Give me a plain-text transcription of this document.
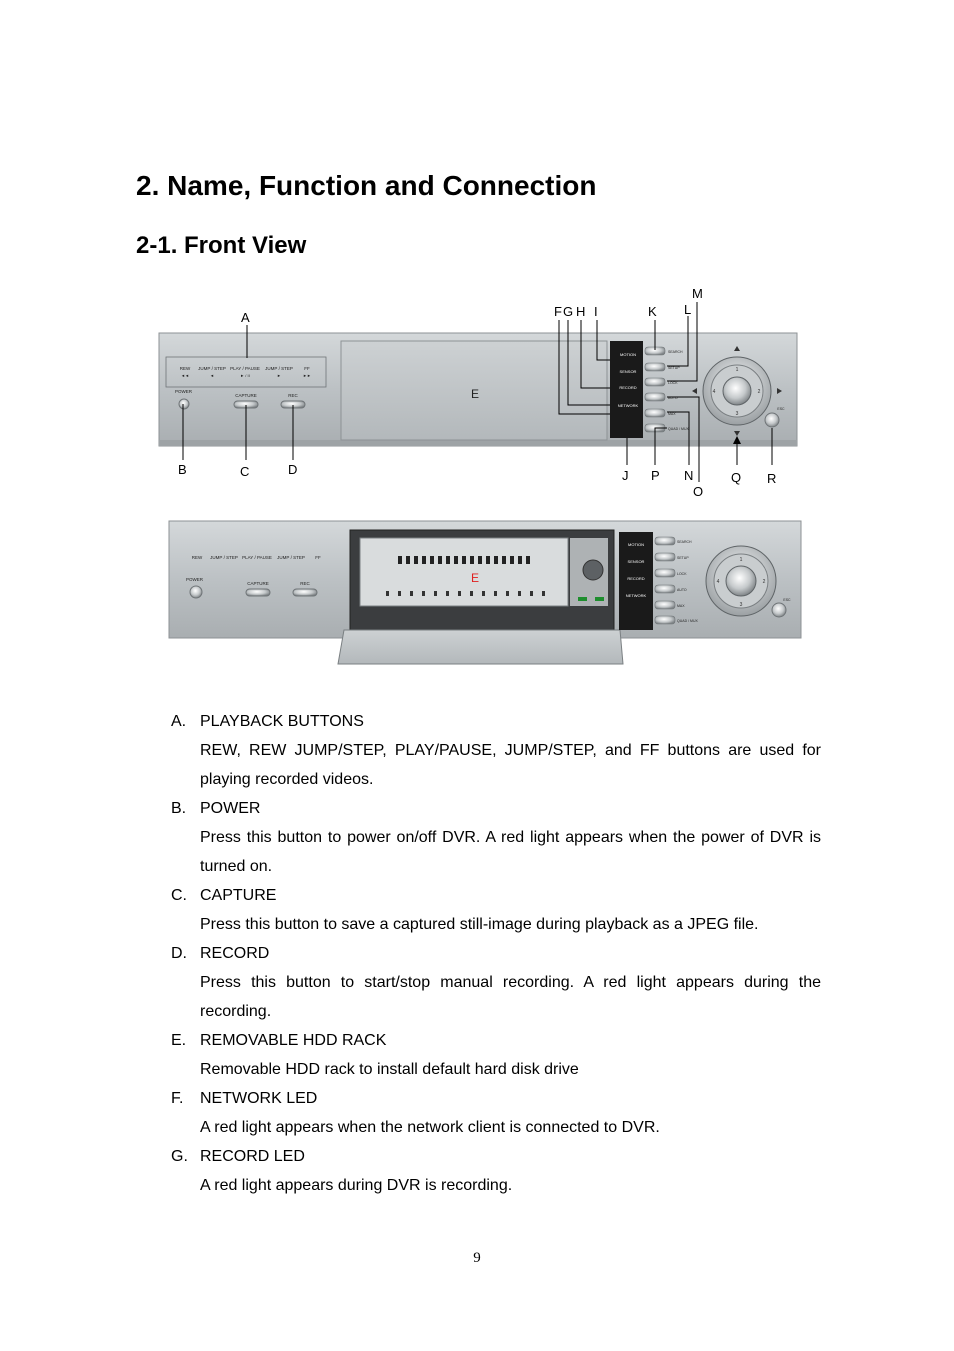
2. Name, Function and Connection
2-1. Front View
REW
◄◄
JUMP / STEP
◄
PLAY / PAUSE
► / II
JUMP / STEP
►
FF
►►
POWER
CAPTURE	REC	E
MOTION
SENSOR
RECORD
NETWORK
SEARCH
SETUP
LOCK
AUTO
MAX
QUAD / MUX
1
2
3
4
ESC
A
B	C	D
F G H I	K L
M
J P N
O
Q R
REW JUMP / STEP PLAY / PAUSE JUMP / STEP FF
POWER
CAPTURE	REC	E
MOTION
SENSOR
RECORD
NETWORK
SEARCH
SETUP
LOCK
AUTO
MAX
QUAD / MUX
1
2
3
4
ESC
A. PLAYBACK BUTTONS
REW, REW JUMP/STEP, PLAY/PAUSE, JUMP/STEP, and FF buttons are used for playing recorded videos.
B. POWER
Press this button to power on/off DVR. A red light appears when the power of DVR is turned on.
C. CAPTURE
Press this button to save a captured still-image during playback as a JPEG file.
D. RECORD
Press this button to start/stop manual recording. A red light appears during the recording.
E. REMOVABLE HDD RACK
Removable HDD rack to install default hard disk drive
F.	NETWORK LED
A red light appears when the network client is connected to DVR.
G. RECORD LED
A red light appears during DVR is recording.
9
